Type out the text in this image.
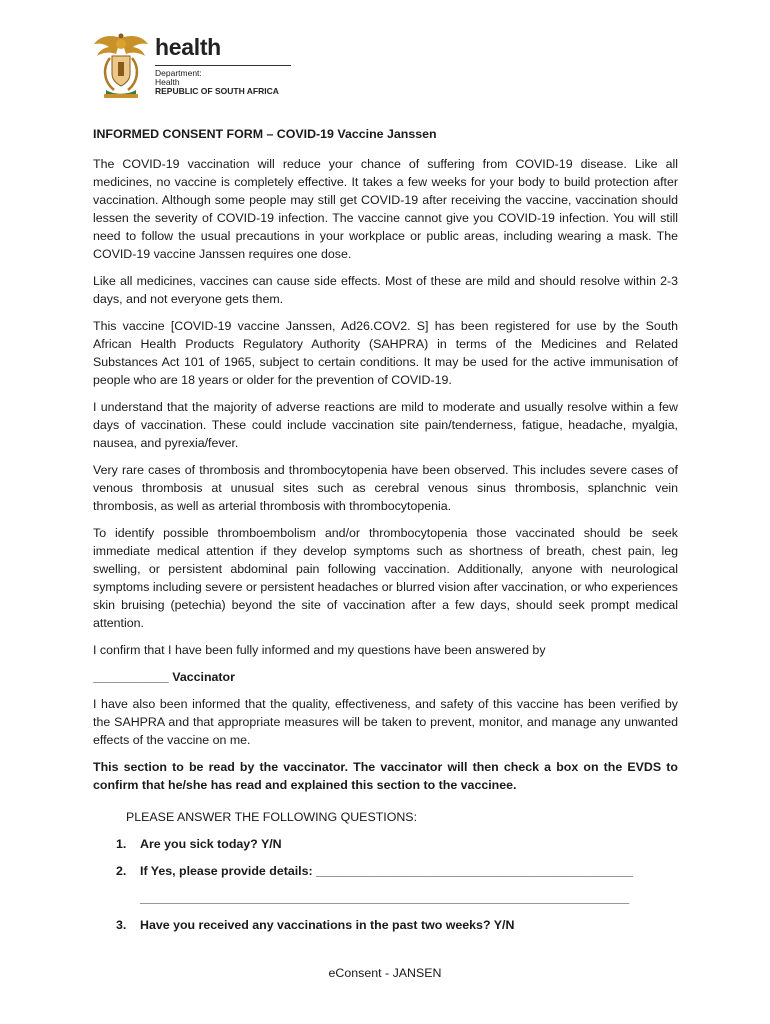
health
Department:
Health
REPUBLIC OF SOUTH AFRICA

INFORMED CONSENT FORM – COVID-19 Vaccine Janssen

The COVID-19 vaccination will reduce your chance of suffering from COVID-19 disease. Like all medicines, no vaccine is completely effective. It takes a few weeks for your body to build protection after vaccination. Although some people may still get COVID-19 after receiving the vaccine, vaccination should lessen the severity of COVID-19 infection. The vaccine cannot give you COVID-19 infection. You will still need to follow the usual precautions in your workplace or public areas, including wearing a mask. The COVID-19 vaccine Janssen requires one dose.

Like all medicines, vaccines can cause side effects. Most of these are mild and should resolve within 2-3 days, and not everyone gets them.

This vaccine [COVID-19 vaccine Janssen, Ad26.COV2. S] has been registered for use by the South African Health Products Regulatory Authority (SAHPRA) in terms of the Medicines and Related Substances Act 101 of 1965, subject to certain conditions. It may be used for the active immunisation of people who are 18 years or older for the prevention of COVID-19.

I understand that the majority of adverse reactions are mild to moderate and usually resolve within a few days of vaccination. These could include vaccination site pain/tenderness, fatigue, headache, myalgia, nausea, and pyrexia/fever.

Very rare cases of thrombosis and thrombocytopenia have been observed. This includes severe cases of venous thrombosis at unusual sites such as cerebral venous sinus thrombosis, splanchnic vein thrombosis, as well as arterial thrombosis with thrombocytopenia.

To identify possible thromboembolism and/or thrombocytopenia those vaccinated should be seek immediate medical attention if they develop symptoms such as shortness of breath, chest pain, leg swelling, or persistent abdominal pain following vaccination. Additionally, anyone with neurological symptoms including severe or persistent headaches or blurred vision after vaccination, or who experiences skin bruising (petechia) beyond the site of vaccination after a few days, should seek prompt medical attention.

I confirm that I have been fully informed and my questions have been answered by

___________ Vaccinator

I have also been informed that the quality, effectiveness, and safety of this vaccine has been verified by the SAHPRA and that appropriate measures will be taken to prevent, monitor, and manage any unwanted effects of the vaccine on me.

This section to be read by the vaccinator. The vaccinator will then check a box on the EVDS to confirm that he/she has read and explained this section to the vaccinee.

PLEASE ANSWER THE FOLLOWING QUESTIONS:

1. Are you sick today? Y/N
2. If Yes, please provide details: ______________________________________________
_______________________________________________________________________
3. Have you received any vaccinations in the past two weeks? Y/N
eConsent - JANSEN
